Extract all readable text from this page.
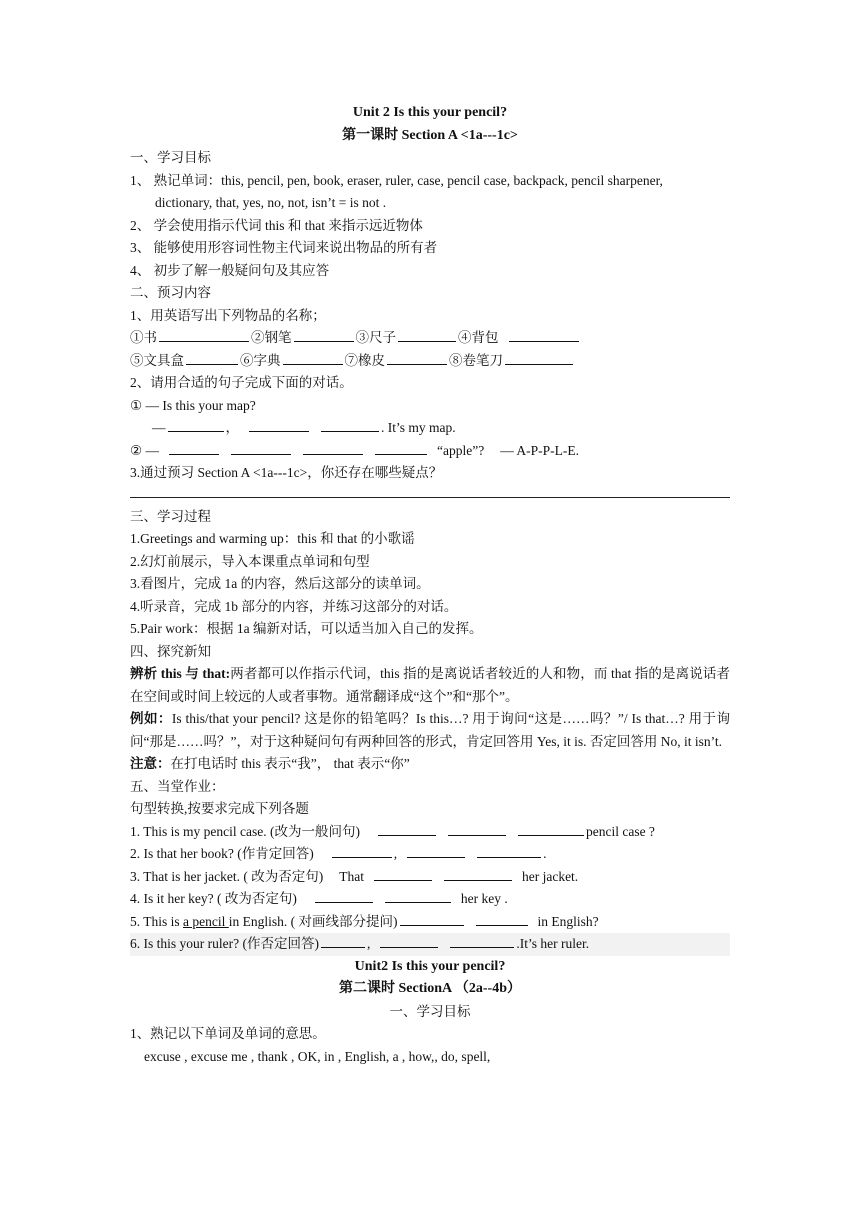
Unit 2 Is this your pencil?
第一课时 Section A <1a---1c>
一、学习目标
1、 熟记单词：this, pencil, pen, book, eraser, ruler, case, pencil case, backpack, pencil sharpener,
dictionary, that, yes, no, not, isn’t = is not .
2、 学会使用指示代词 this 和 that 来指示远近物体
3、 能够使用形容词性物主代词来说出物品的所有者
4、 初步了解一般疑问句及其应答
二、预习内容
1、用英语写出下列物品的名称；
①书	②钢笔	③尺子	④背包
⑤文具盒	⑥字典	⑦橡皮	⑧卷笔刀
2、请用合适的句子完成下面的对话。
① — Is this your map?
—	，	. It’s my map.
② —	“apple”? — A-P-P-L-E.
3.通过预习 Section A <1a---1c>，你还存在哪些疑点？
三、学习过程
1.Greetings and warming up：this 和 that 的小歌谣
2.幻灯前展示，导入本课重点单词和句型
3.看图片，完成 1a 的内容，然后这部分的读单词。
4.听录音，完成 1b 部分的内容，并练习这部分的对话。
5.Pair work：根据 1a 编新对话，可以适当加入自己的发挥。
四、探究新知
辨析 this 与 that:两者都可以作指示代词，this 指的是离说话者较近的人和物，而 that 指的是离说话者在空间或时间上较远的人或者事物。通常翻译成“这个”和“那个”。
例如：Is this/that your pencil? 这是你的铅笔吗？Is this…? 用于询问“这是……吗？”/ Is that…? 用于询问“那是……吗？”，对于这种疑问句有两种回答的形式，肯定回答用 Yes, it is. 否定回答用 No, it isn’t.
注意：在打电话时 this 表示“我”， that 表示“你”
五、当堂作业：
句型转换,按要求完成下列各题
1. This is my pencil case. (改为一般问句)	pencil case ?
2. Is that her book? (作肯定回答)	,	.
3. That is her jacket. ( 改为否定句) That	her jacket.
4. Is it her key? ( 改为否定句)	her key .
5. This is a pencil in English. ( 对画线部分提问)	in English?
6. Is this your ruler? (作否定回答)	,	.It’s her ruler.
Unit2 Is this your pencil?
第二课时 SectionA （2a--4b）
一、学习目标
1、熟记以下单词及单词的意思。
excuse , excuse me , thank , OK, in , English, a , how,, do, spell,
